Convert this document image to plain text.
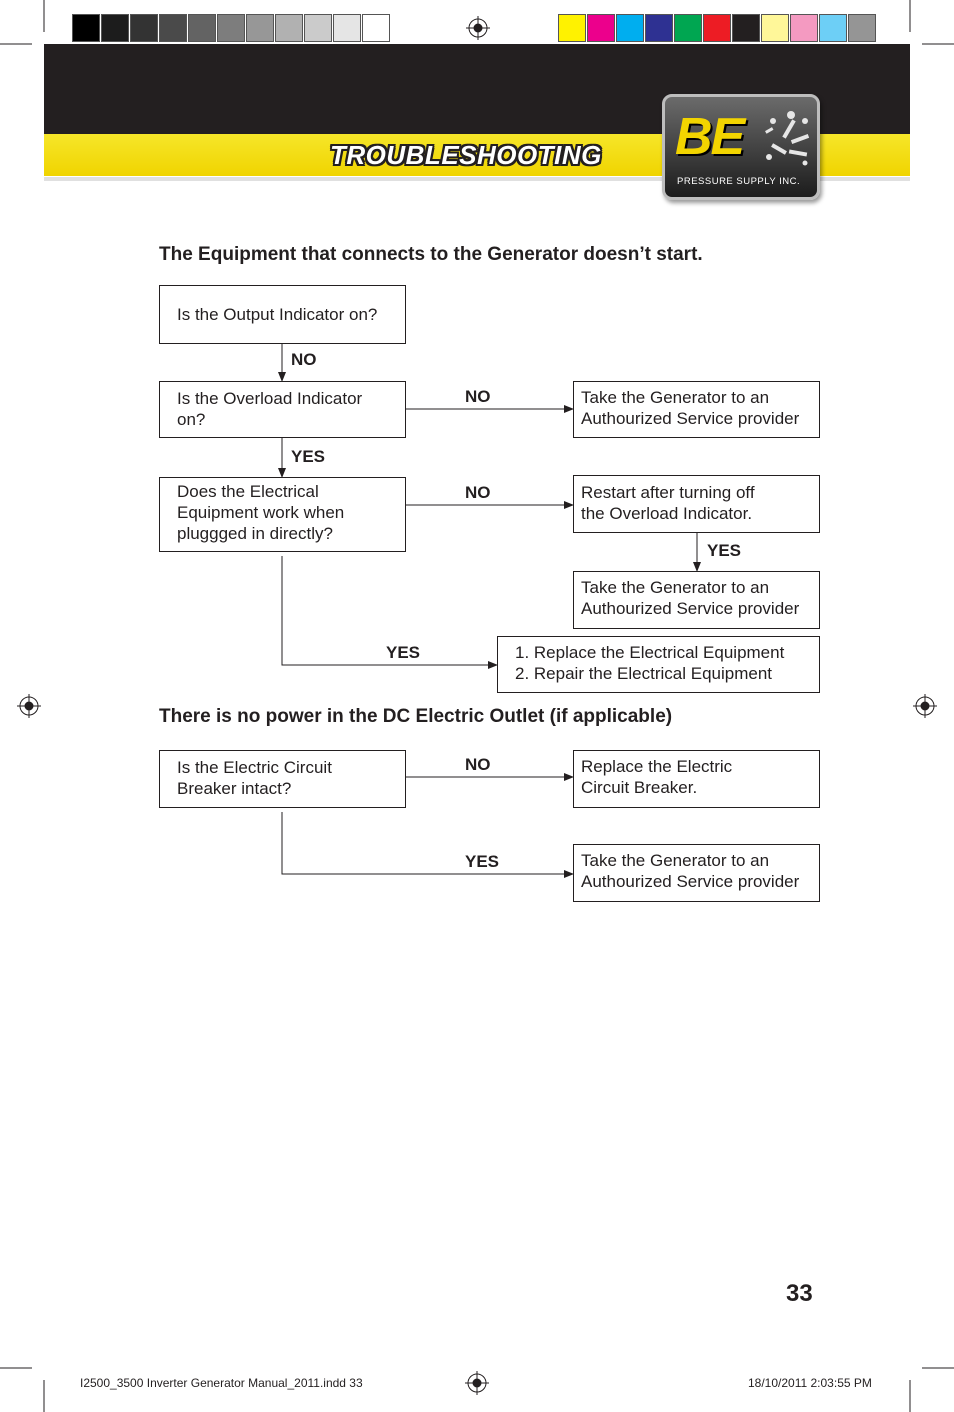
TROUBLESHOOTING BE
PRESSURE SUPPLY INC.
The Equipment that connects to the Generator doesn’t start.
Is the Output Indicator on?
NO
Is the Overload Indicator
on?
NO	Take the Generator to an
Authourized Service provider
YES
Does the Electrical
Equipment work when
pluggged in directly?
NO	Restart after turning off
the Overload Indicator.
YES
Take the Generator to an
Authourized Service provider
YES	1. Replace the Electrical Equipment
2. Repair the Electrical Equipment
There is no power in the DC Electric Outlet (if applicable)
Is the Electric Circuit
Breaker intact?
NO	Replace the Electric
Circuit Breaker.
YES	Take the Generator to an
Authourized Service provider
33
I2500_3500 Inverter Generator Manual_2011.indd 33	18/10/2011 2:03:55 PM
